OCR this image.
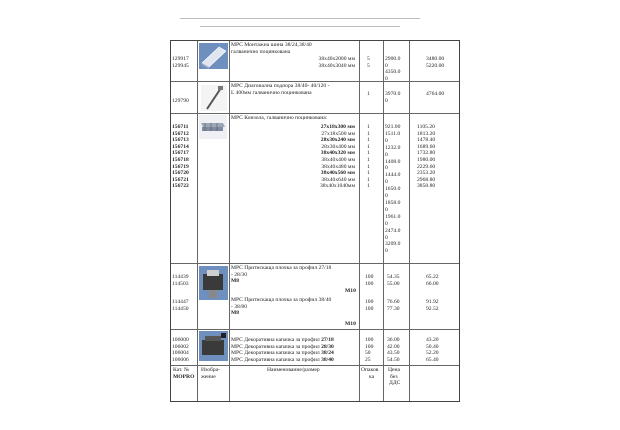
МРС Монтажна шина 38/24,38/40
галванично поцинкована
38x40x2000 мм
38x40x3040 мм
129917
129945
5
5
2900.0
0
4350.0
0
3480.00
5220.00
МРС Диагонална подпора 38/40- 40/120 -
L 400мм галванично поцинкована
129790
1	3970.0
0
4764.00
МРС Конзола, галванично поцинкована:
156711
156712
156713
156714
156717
156718
156719
156720
156721
156722
27x18x300 мм
27x18x500 мм
28x30x240 мм
28x30x400 мм
38x40x320 мм
38x40x400 мм
38x40x480 мм
38x40x560 мм
38x40x640 мм
38x40x1040мм
1
1
1
1
1
1
1
1
1
1
921.00
1511.0
0
1232.0
0
1408.0
0
1444.0
0
1650.0
0
1858.0
0
1961.0
0
2474.0
0
3209.0
0
1105.20
1813.20
1478.40
1689.60
1732.80
1980.00
2229.60
2353.20
2968.80
3850.80
МРС Притискаща плочка за профил 27/18
- 28/30
М8
М10
МРС Притискаща плочка за профил 38/40
- 38/80
М8
М10
114439
114503
114447
114450
100
100
100
100
54.35
55.00
76.60
77.30
65.22
66.00
91.92
92.52
106000
106002
106004
106006
МРС Декоративна капачка за профил 27/18
МРС Декоративна капачка за профил 28/30
МРС Декоративна капачка за профил 38/24
МРС Декоративна капачка за профил 38/40
100
100
50
25
36.00
42.00
43.50
54.50
43.20
50.40
52.20
65.40
Кат. №
МОРRО
Изобра-
жение
Наименование/размер	Опаков
ка
Цена
без
ДДС
